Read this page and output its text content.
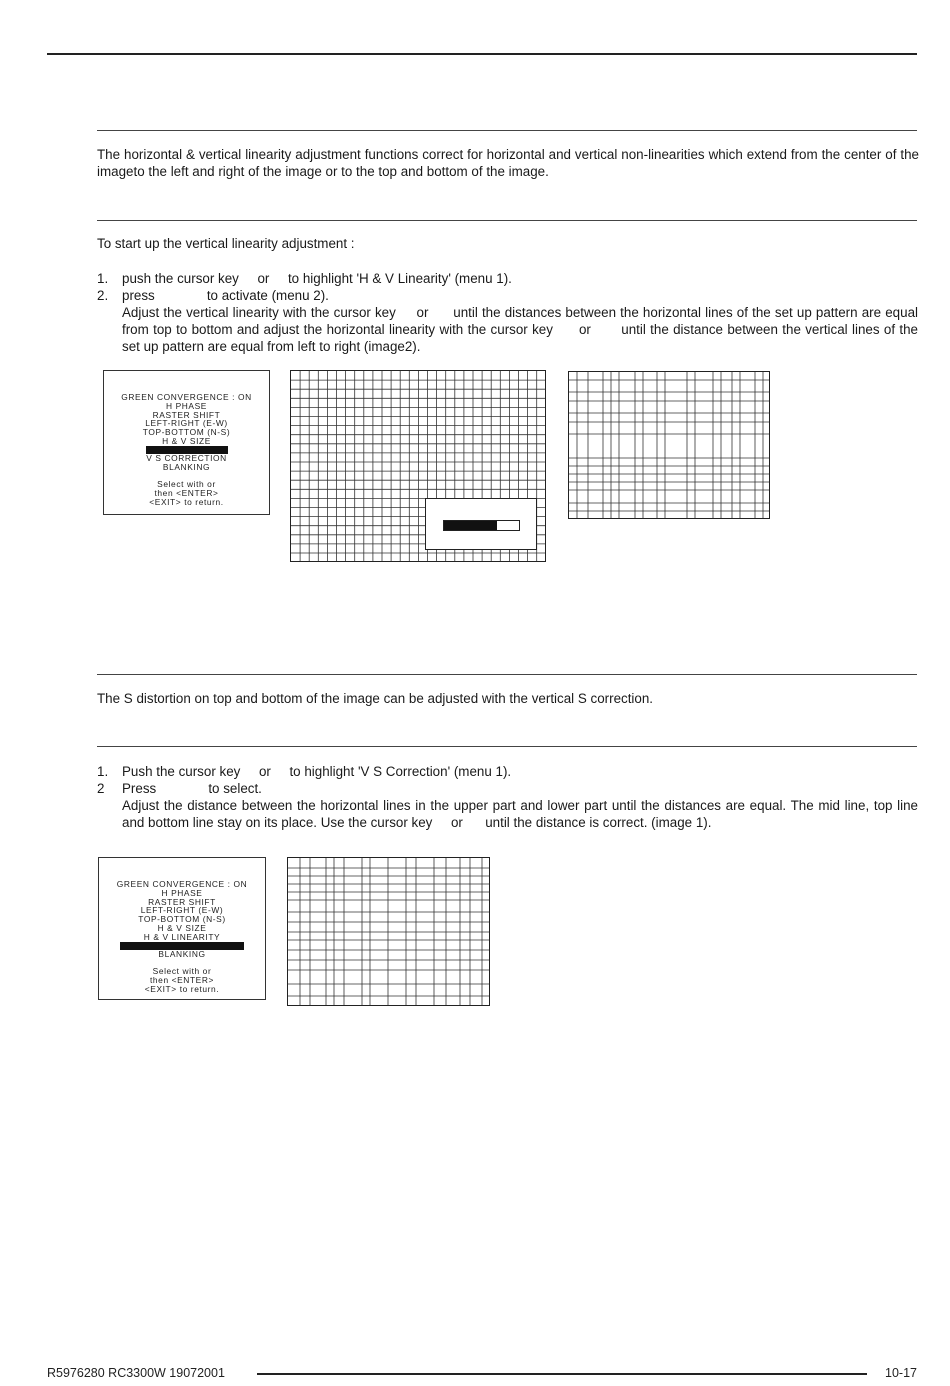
The horizontal & vertical linearity adjustment functions correct for horizontal and vertical non-linearities which extend from the center of the imageto the left and right of the image or to the top and bottom of the image.

To start up the vertical linearity adjustment :

1. push the cursor key     or     to highlight 'H & V Linearity' (menu 1).

2. press              to activate (menu 2).

Adjust the vertical linearity with the cursor key     or      until the distances between the horizontal lines of the set up pattern are equal from top to bottom and adjust the horizontal linearity with the cursor key      or       until the distance between the vertical lines of the set up pattern are equal from left to right (image2).

GREEN CONVERGENCE : ON
H PHASE
RASTER SHIFT
LEFT-RIGHT (E-W)
TOP-BOTTOM (N-S)
H & V SIZE
V S CORRECTION
BLANKING
Select with or
then <ENTER>
<EXIT> to return.

The S distortion on top and bottom of the image can be adjusted with the vertical S correction.

1. Push the cursor key     or     to highlight 'V S Correction' (menu 1).

2 Press              to select.

Adjust the distance between the horizontal lines in the upper part and lower part until the distances are equal. The mid line, top line and bottom line stay on its place. Use the cursor key     or      until the distance is correct. (image 1).

GREEN CONVERGENCE : ON
H PHASE
RASTER SHIFT
LEFT-RIGHT (E-W)
TOP-BOTTOM (N-S)
H & V SIZE
H & V LINEARITY
BLANKING
Select with or
then <ENTER>
<EXIT> to return.
R5976280 RC3300W 19072001	10-17
